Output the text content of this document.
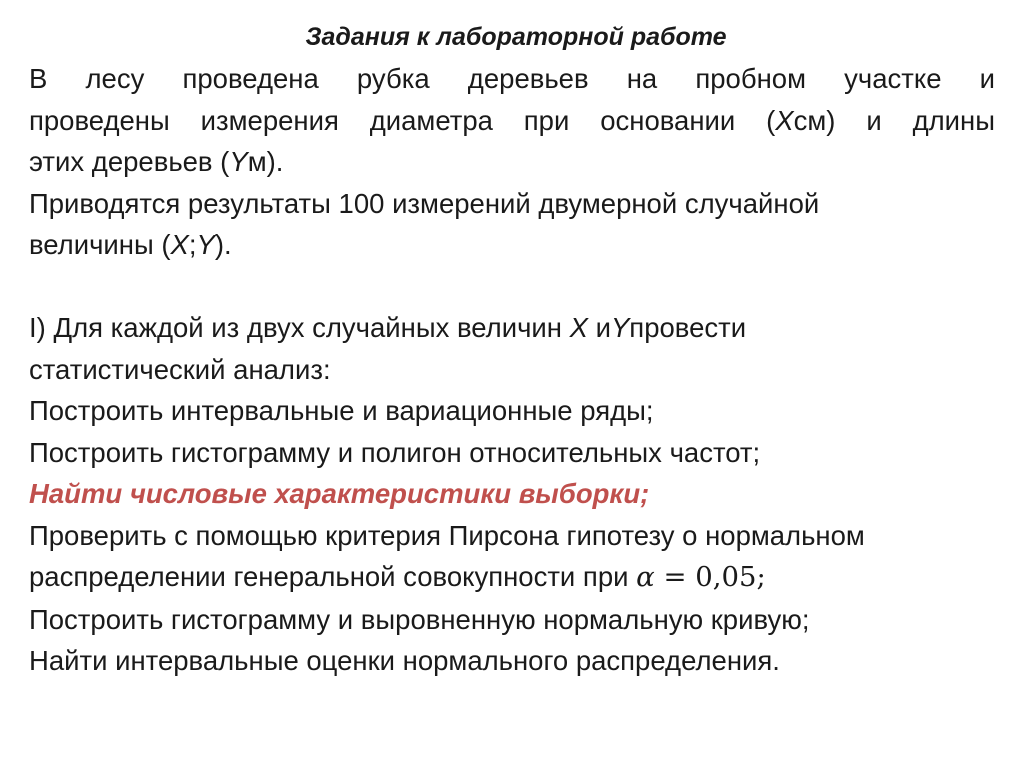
Задания к лабораторной работе
В лесу проведена рубка деревьев на пробном участке и
проведены измерения диаметра при основании (Xсм) и длины
этих деревьев (Yм).
Приводятся результаты 100 измерений двумерной случайной
величины (X;Y).
I) Для каждой из двух случайных величин X иYпровести
статистический анализ:
Построить интервальные и вариационные ряды;
Построить гистограмму и полигон относительных частот;
Найти числовые характеристики выборки;
Проверить с помощью критерия Пирсона гипотезу о нормальном
распределении генеральной совокупности при α = 0,05;
Построить гистограмму и выровненную нормальную кривую;
Найти интервальные оценки нормального распределения.
